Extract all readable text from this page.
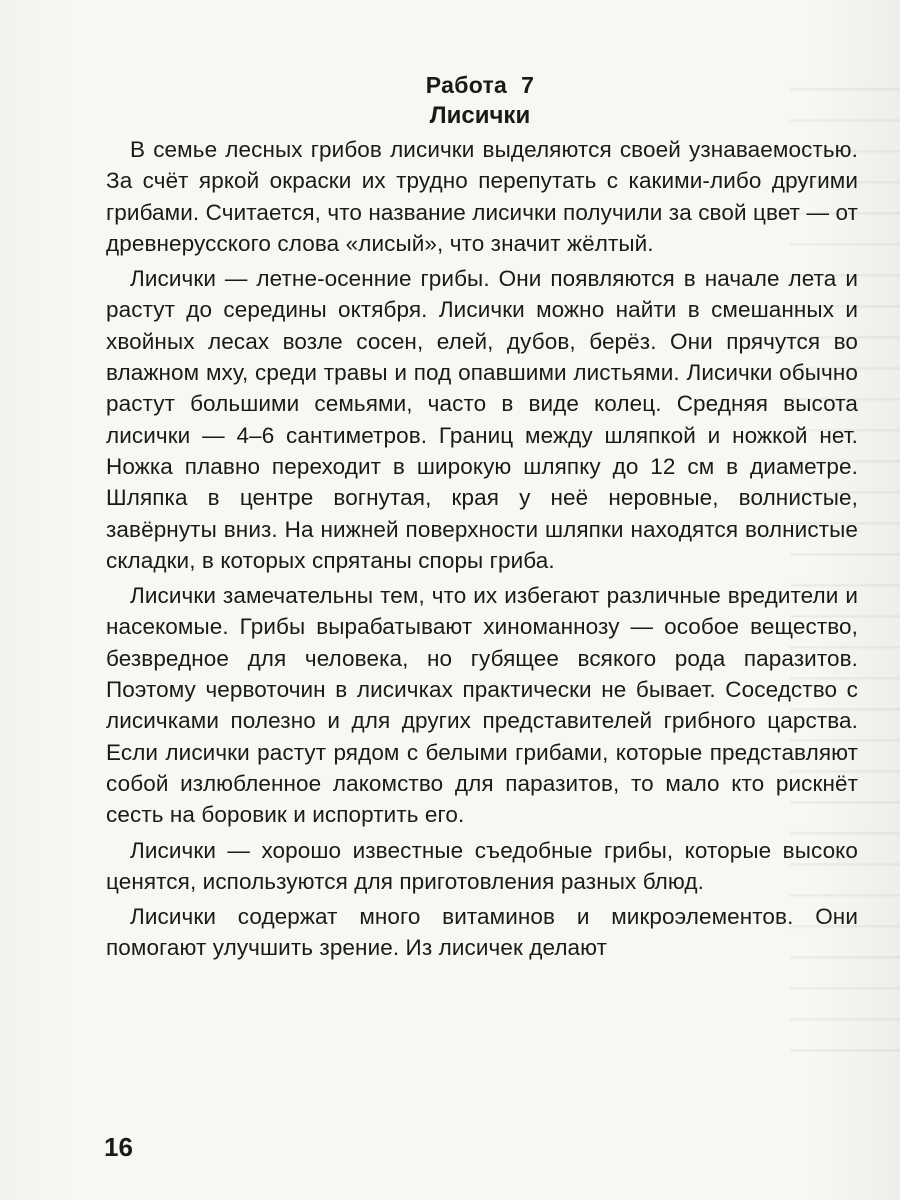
Работа 7
Лисички

В семье лесных грибов лисички выделяются своей узнаваемостью. За счёт яркой окраски их трудно перепутать с какими-либо другими грибами. Считается, что название лисички получили за свой цвет — от древнерусского слова «лисый», что значит жёлтый.

Лисички — летне-осенние грибы. Они появляются в начале лета и растут до середины октября. Лисички можно найти в смешанных и хвойных лесах возле сосен, елей, дубов, берёз. Они прячутся во влажном мху, среди травы и под опавшими листьями. Лисички обычно растут большими семьями, часто в виде колец. Средняя высота лисички — 4–6 сантиметров. Границ между шляпкой и ножкой нет. Ножка плавно переходит в широкую шляпку до 12 см в диаметре. Шляпка в центре вогнутая, края у неё неровные, волнистые, завёрнуты вниз. На нижней поверхности шляпки находятся волнистые складки, в которых спрятаны споры гриба.

Лисички замечательны тем, что их избегают различные вредители и насекомые. Грибы вырабатывают хиноманнозу — особое вещество, безвредное для человека, но губящее всякого рода паразитов. Поэтому червоточин в лисичках практически не бывает. Соседство с лисичками полезно и для других представителей грибного царства. Если лисички растут рядом с белыми грибами, которые представляют собой излюбленное лакомство для паразитов, то мало кто рискнёт сесть на боровик и испортить его.

Лисички — хорошо известные съедобные грибы, которые высоко ценятся, используются для приготовления разных блюд.

Лисички содержат много витаминов и микроэлементов. Они помогают улучшить зрение. Из лисичек делают

16
